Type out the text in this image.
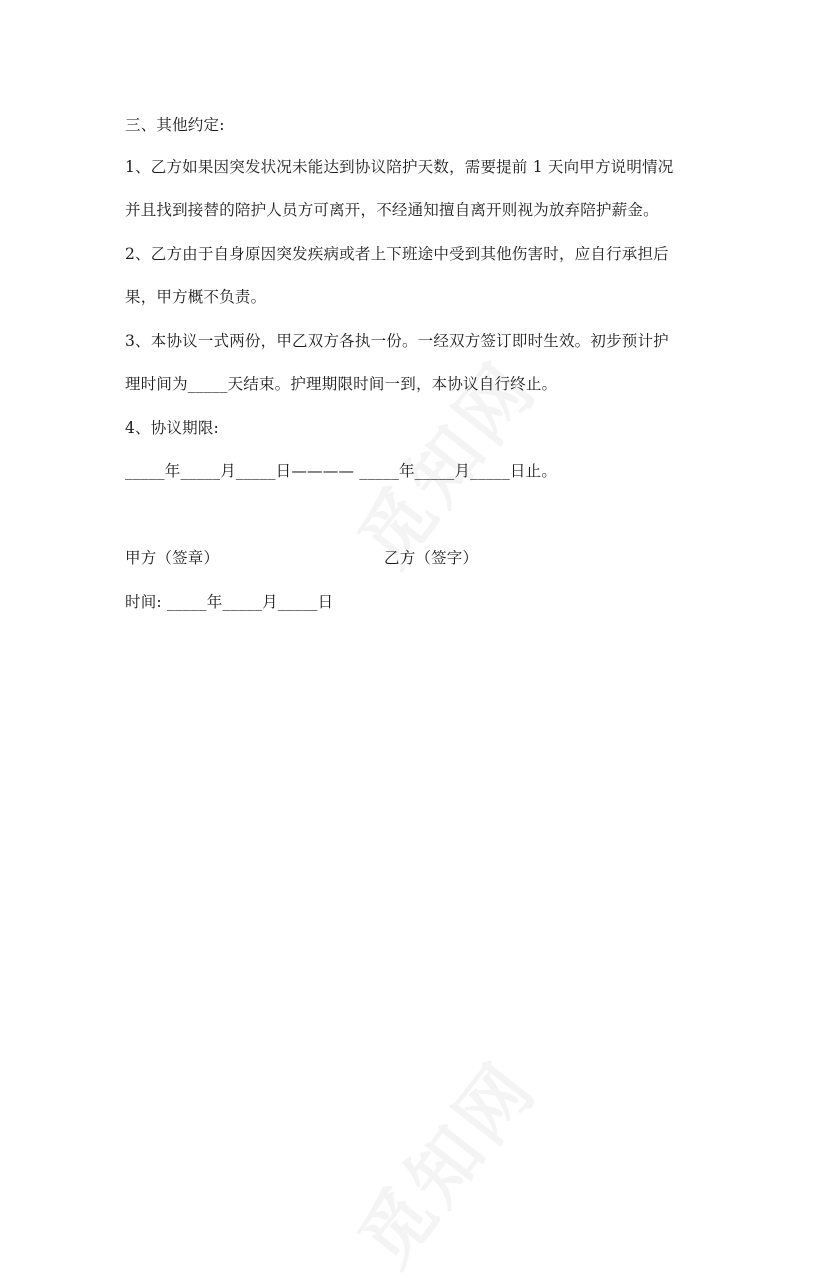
三、其他约定:
1、乙方如果因突发状况未能达到协议陪护天数，需要提前 1 天向甲方说明情况
并且找到接替的陪护人员方可离开，不经通知擅自离开则视为放弃陪护薪金。
2、乙方由于自身原因突发疾病或者上下班途中受到其他伤害时，应自行承担后
果，甲方概不负责。
3、本协议一式两份，甲乙双方各执一份。一经双方签订即时生效。初步预计护
理时间为_____天结束。护理期限时间一到，本协议自行终止。
4、协议期限:
_____年_____月_____日———— _____年_____月_____日止。
甲方（签章）	乙方（签字）
时间: _____年_____月_____日
